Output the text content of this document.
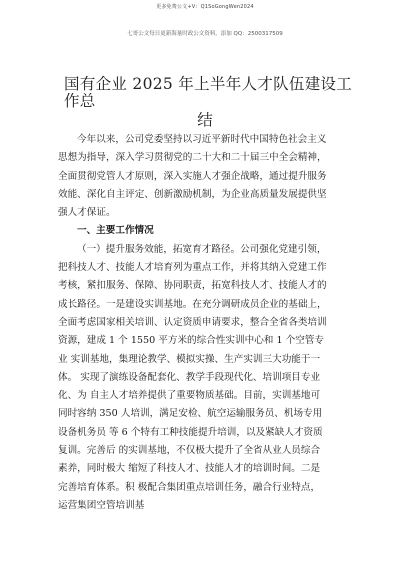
更多免费公文+V：Q1SoGongWen2024
七哥公文每日更新海量时政公文资料，添加 QQ：2500317509
国有企业 2025 年上半年人才队伍建设工作总
结
今年以来，公司党委坚持以习近平新时代中国特色社会主义
思想为指导，深入学习贯彻党的二十大和二十届三中全会精神，
全面贯彻党管人才原则，深入实施人才强企战略，通过提升服务
效能、深化自主评定、创新激励机制，为企业高质量发展提供坚
强人才保证。
一、主要工作情况
（一）提升服务效能，拓宽育才路径。公司强化党建引领，
把科技人才、技能人才培育列为重点工作，并将其纳入党建工作
考核，紧扣服务、保障、协同职责，拓宽科技人才、技能人才的
成长路径。一是建设实训基地。在充分调研成员企业的基础上，
全面考虑国家相关培训、认定资质申请要求，整合全省各类培训
资源，建成 1 个 1550 平方米的综合性实训中心和 1 个空管专
业 实训基地，集理论教学、模拟实操、生产实训三大功能于一
体。 实现了演练设备配套化、教学手段现代化、培训项目专业
化、为 自主人才培养提供了重要物质基础。目前，实训基地可
同时容纳 350 人培训，满足安检、航空运输服务员、机场专用
设备机务员 等 6 个特有工种技能提升培训，以及紧缺人才资质
复训。完善后 的实训基地，不仅极大提升了全省从业人员综合
素养，同时极大 缩短了科技人才、技能人才的培训时间。二是
完善培育体系。积 极配合集团重点培训任务，融合行业特点，
运营集团空管培训基
